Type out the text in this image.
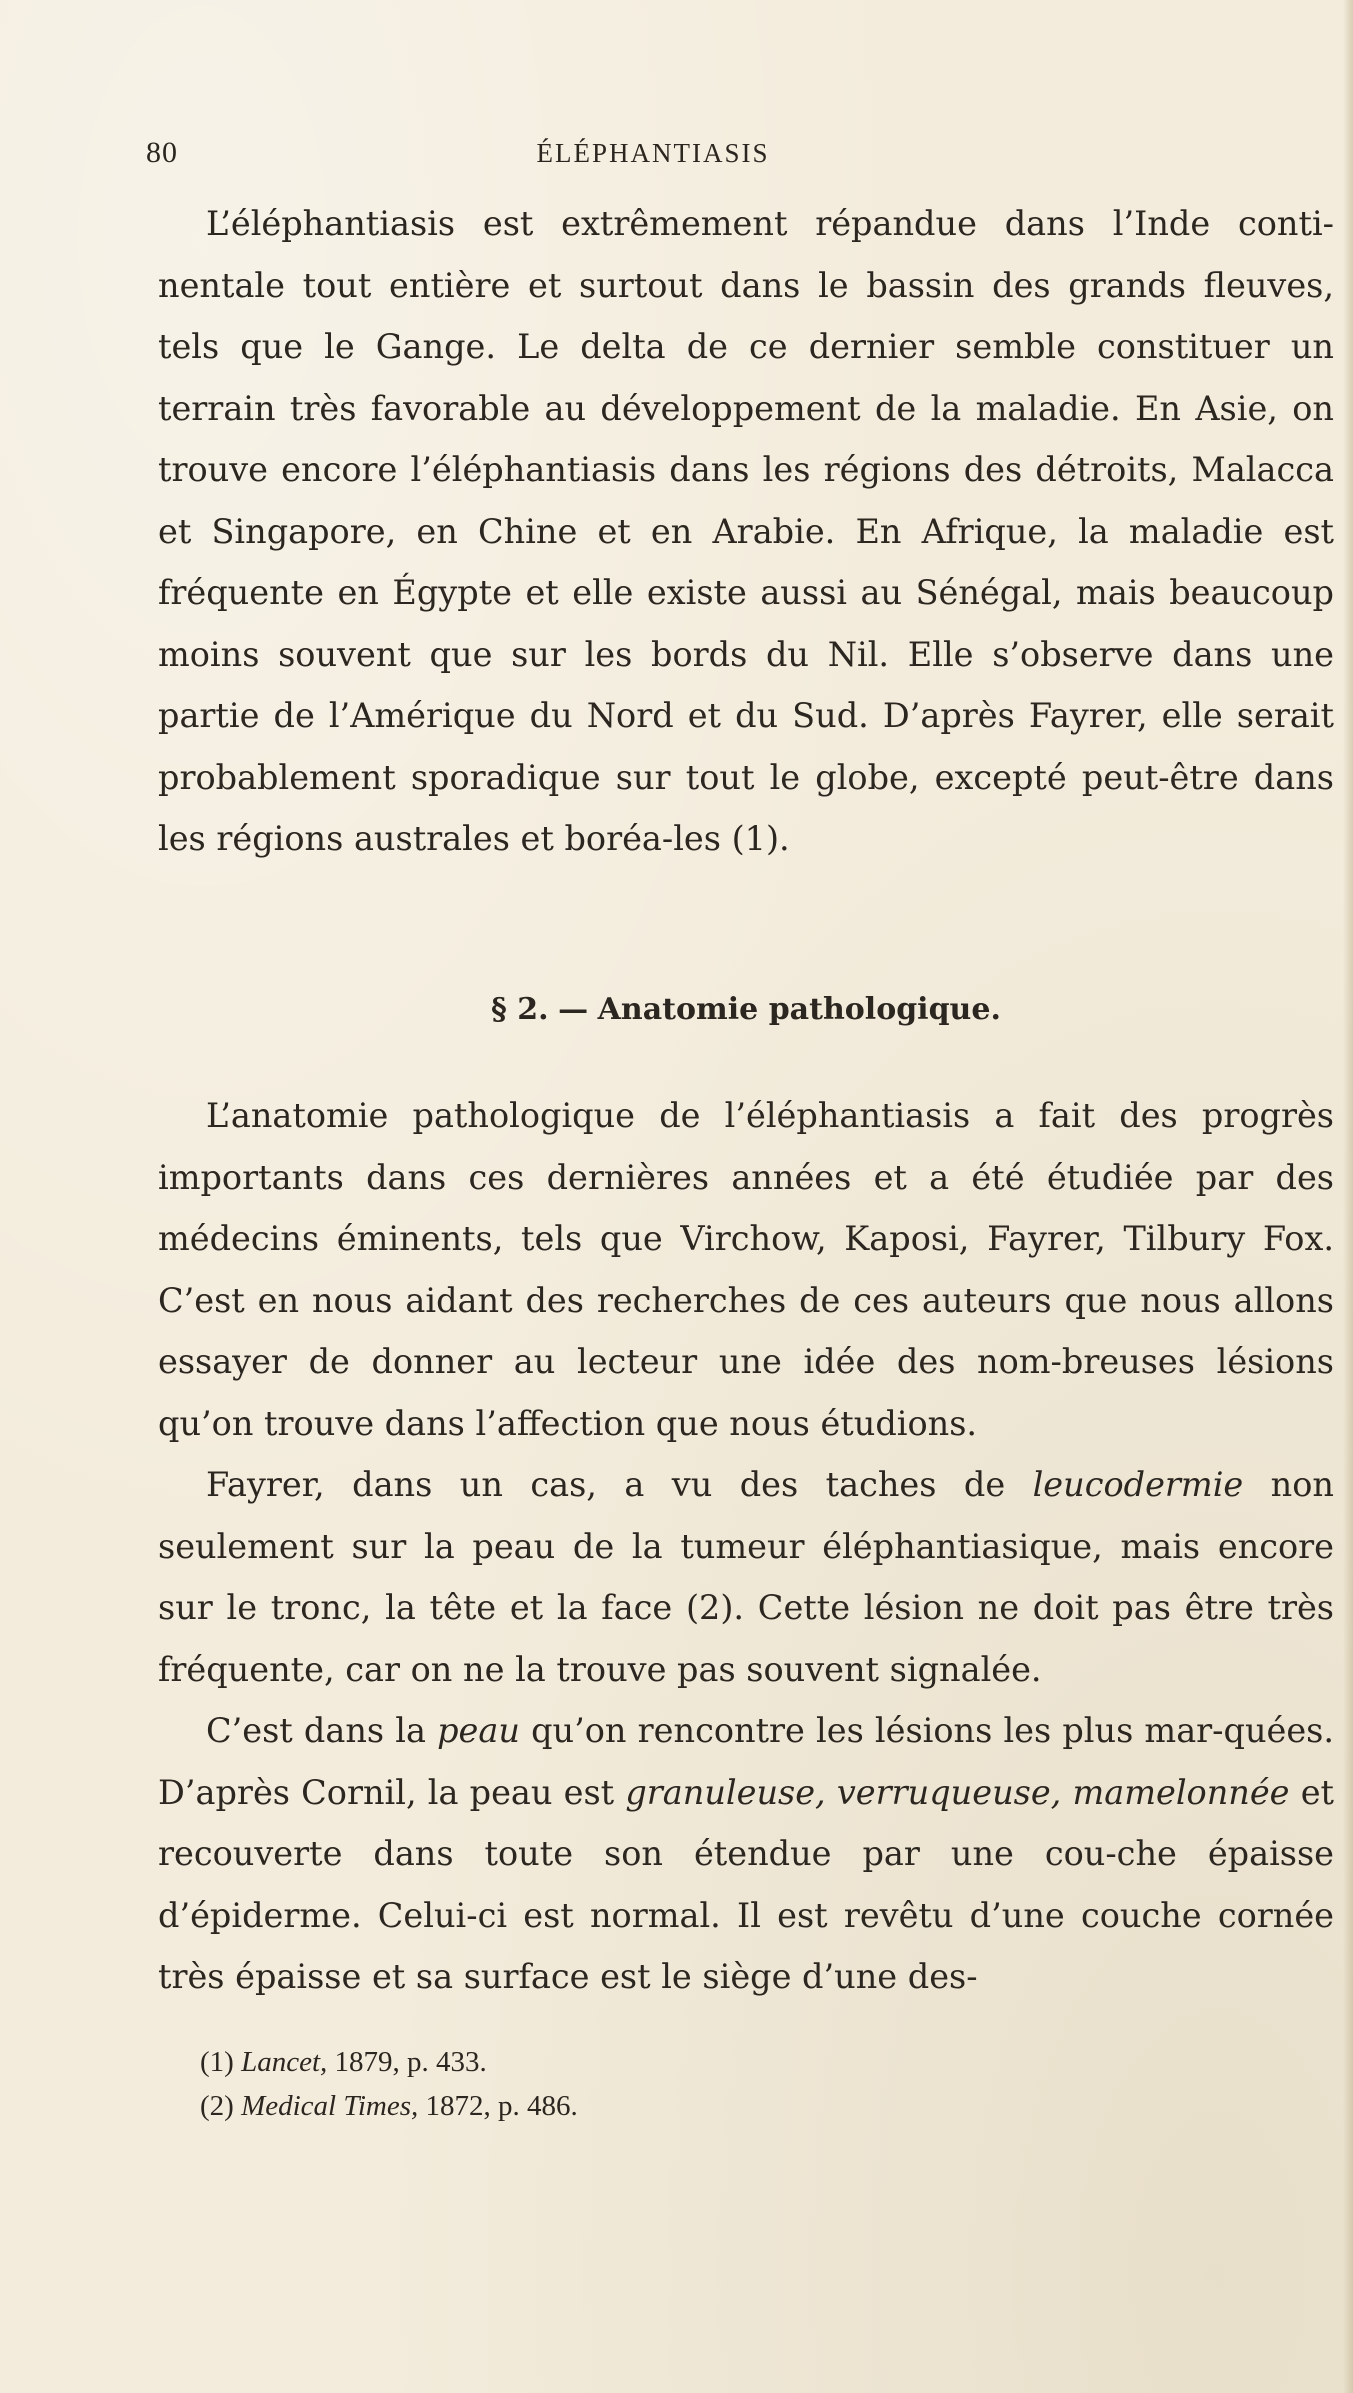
80	ÉLÉPHANTIASIS

L’éléphantiasis est extrêmement répandue dans l’Inde conti-nentale tout entière et surtout dans le bassin des grands fleuves, tels que le Gange. Le delta de ce dernier semble constituer un terrain très favorable au développement de la maladie. En Asie, on trouve encore l’éléphantiasis dans les régions des détroits, Malacca et Singapore, en Chine et en Arabie. En Afrique, la maladie est fréquente en Égypte et elle existe aussi au Sénégal, mais beaucoup moins souvent que sur les bords du Nil. Elle s’observe dans une partie de l’Amérique du Nord et du Sud. D’après Fayrer, elle serait probablement sporadique sur tout le globe, excepté peut-être dans les régions australes et boréa-les (1).

§ 2. — Anatomie pathologique.

L’anatomie pathologique de l’éléphantiasis a fait des progrès importants dans ces dernières années et a été étudiée par des médecins éminents, tels que Virchow, Kaposi, Fayrer, Tilbury Fox. C’est en nous aidant des recherches de ces auteurs que nous allons essayer de donner au lecteur une idée des nom-breuses lésions qu’on trouve dans l’affection que nous étudions.

Fayrer, dans un cas, a vu des taches de leucodermie non seulement sur la peau de la tumeur éléphantiasique, mais encore sur le tronc, la tête et la face (2). Cette lésion ne doit pas être très fréquente, car on ne la trouve pas souvent signalée.

C’est dans la peau qu’on rencontre les lésions les plus mar-quées. D’après Cornil, la peau est granuleuse, verruqueuse, mamelonnée et recouverte dans toute son étendue par une cou-che épaisse d’épiderme. Celui-ci est normal. Il est revêtu d’une couche cornée très épaisse et sa surface est le siège d’une des-

(1) Lancet, 1879, p. 433.

(2) Medical Times, 1872, p. 486.
